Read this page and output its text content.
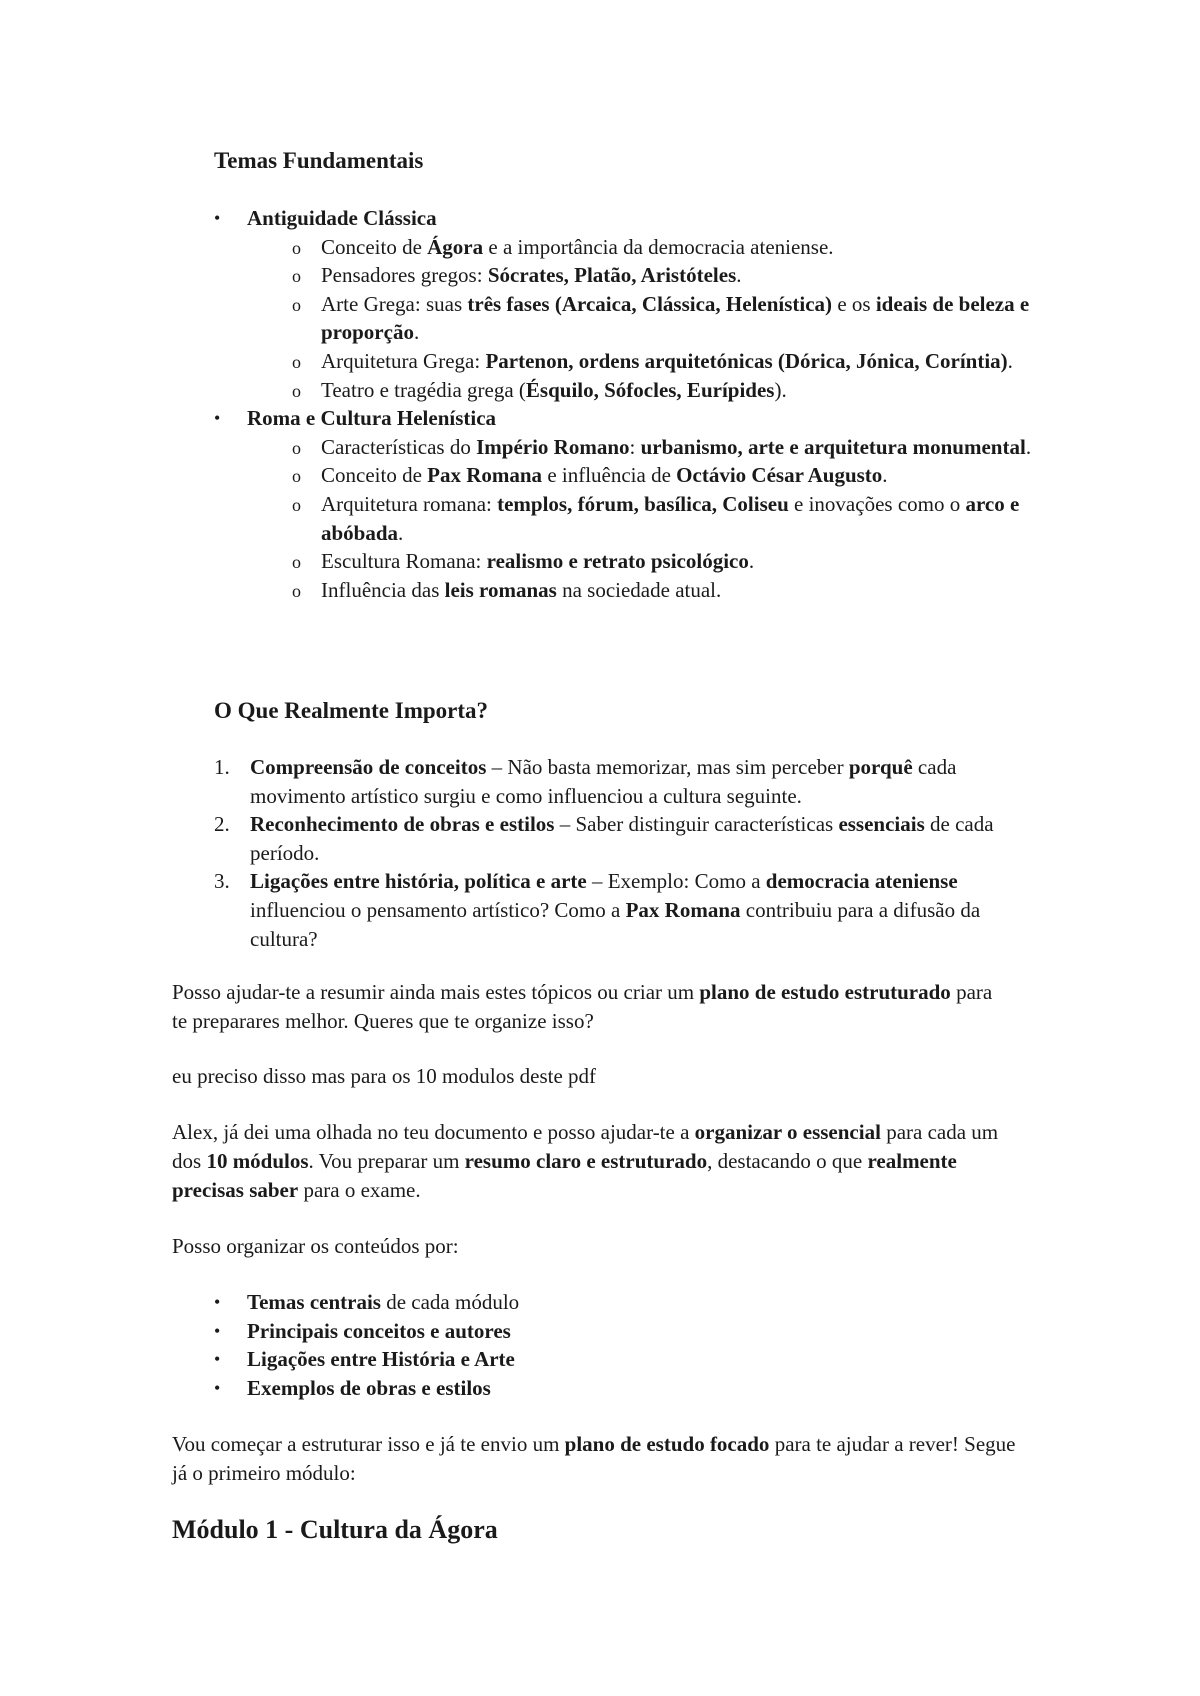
Temas Fundamentais
• Antiguidade Clássica
o Conceito de Ágora e a importância da democracia ateniense.
o Pensadores gregos: Sócrates, Platão, Aristóteles.
o Arte Grega: suas três fases (Arcaica, Clássica, Helenística) e os ideais de beleza e proporção.
o Arquitetura Grega: Partenon, ordens arquitetónicas (Dórica, Jónica, Coríntia).
o Teatro e tragédia grega (Ésquilo, Sófocles, Eurípides).
• Roma e Cultura Helenística
o Características do Império Romano: urbanismo, arte e arquitetura monumental.
o Conceito de Pax Romana e influência de Octávio César Augusto.
o Arquitetura romana: templos, fórum, basílica, Coliseu e inovações como o arco e abóbada.
o Escultura Romana: realismo e retrato psicológico.
o Influência das leis romanas na sociedade atual.
O Que Realmente Importa?
1. Compreensão de conceitos – Não basta memorizar, mas sim perceber porquê cada movimento artístico surgiu e como influenciou a cultura seguinte.
2. Reconhecimento de obras e estilos – Saber distinguir características essenciais de cada período.
3. Ligações entre história, política e arte – Exemplo: Como a democracia ateniense influenciou o pensamento artístico? Como a Pax Romana contribuiu para a difusão da cultura?

Posso ajudar-te a resumir ainda mais estes tópicos ou criar um plano de estudo estruturado para te preparares melhor. Queres que te organize isso?

eu preciso disso mas para os 10 modulos deste pdf

Alex, já dei uma olhada no teu documento e posso ajudar-te a organizar o essencial para cada um dos 10 módulos. Vou preparar um resumo claro e estruturado, destacando o que realmente precisas saber para o exame.

Posso organizar os conteúdos por:

• Temas centrais de cada módulo
• Principais conceitos e autores
• Ligações entre História e Arte
• Exemplos de obras e estilos

Vou começar a estruturar isso e já te envio um plano de estudo focado para te ajudar a rever! Segue já o primeiro módulo:

Módulo 1 - Cultura da Ágora
